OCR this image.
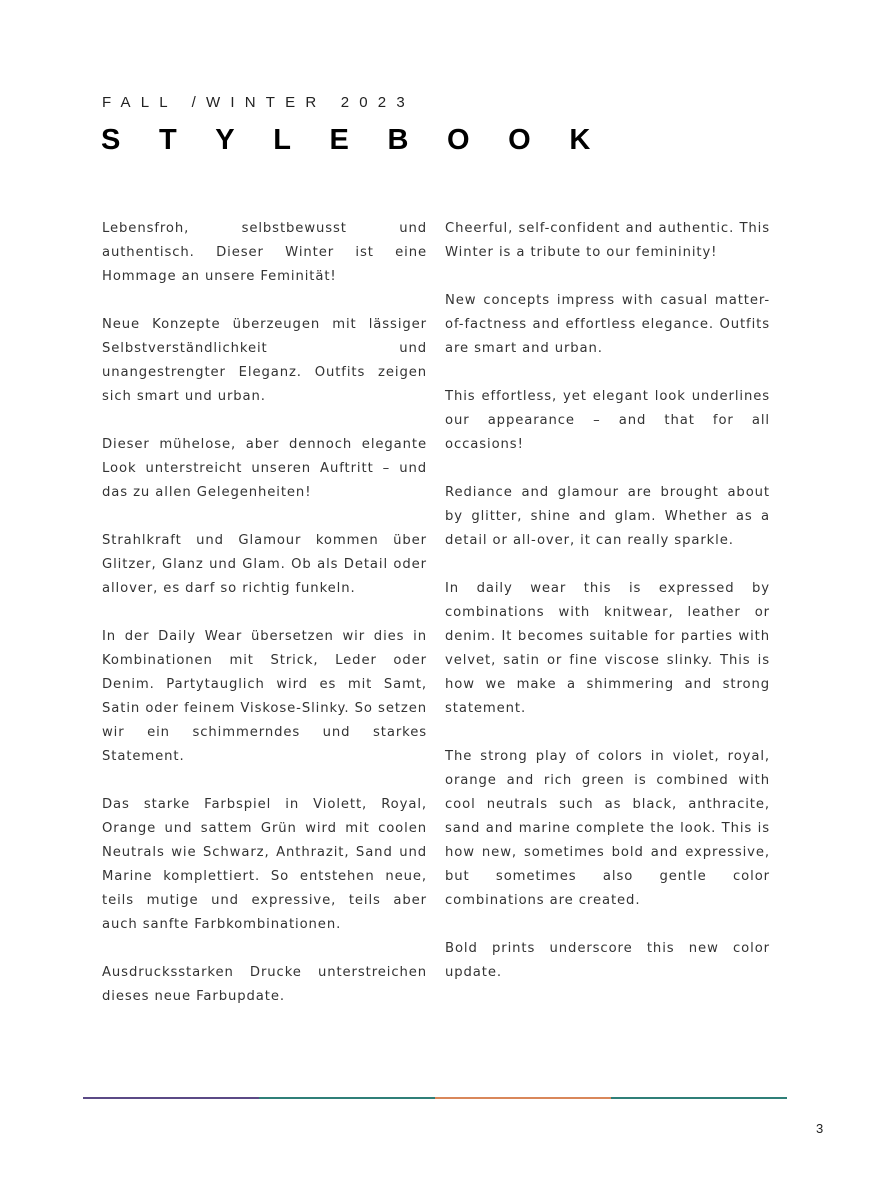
FALL /WINTER 2023
STYLEBOOK

Lebensfroh, selbstbewusst und authentisch. Dieser Winter ist eine Hommage an unsere Feminität!

Neue Konzepte überzeugen mit lässiger Selbstverständlichkeit und unangestrengter Eleganz. Outfits zeigen sich smart und urban.

Dieser mühelose, aber dennoch elegante Look unterstreicht unseren Auftritt – und das zu allen Gelegenheiten!

Strahlkraft und Glamour kommen über Glitzer, Glanz und Glam. Ob als Detail oder allover, es darf so richtig funkeln.

In der Daily Wear übersetzen wir dies in Kombinationen mit Strick, Leder oder Denim. Partytauglich wird es mit Samt, Satin oder feinem Viskose-Slinky. So setzen wir ein schimmerndes und starkes Statement.

Das starke Farbspiel in Violett, Royal, Orange und sattem Grün wird mit coolen Neutrals wie Schwarz, Anthrazit, Sand und Marine komplettiert. So entstehen neue, teils mutige und expressive, teils aber auch sanfte Farbkombinationen.

Ausdrucksstarken Drucke unterstreichen dieses neue Farbupdate.

Cheerful, self-confident and authentic. This Winter is a tribute to our femininity!

New concepts impress with casual matter-of-factness and effortless elegance. Outfits are smart and urban.

This effortless, yet elegant look underlines our appearance – and that for all occasions!

Rediance and glamour are brought about by glitter, shine and glam. Whether as a detail or all-over, it can really sparkle.

In daily wear this is expressed by combinations with knitwear, leather or denim. It becomes suitable for parties with velvet, satin or fine viscose slinky. This is how we make a shimmering and strong statement.

The strong play of colors in violet, royal, orange and rich green is combined with cool neutrals such as black, anthracite, sand and marine complete the look. This is how new, sometimes bold and expressive, but sometimes also gentle color combinations are created.

Bold prints underscore this new color update.

3
